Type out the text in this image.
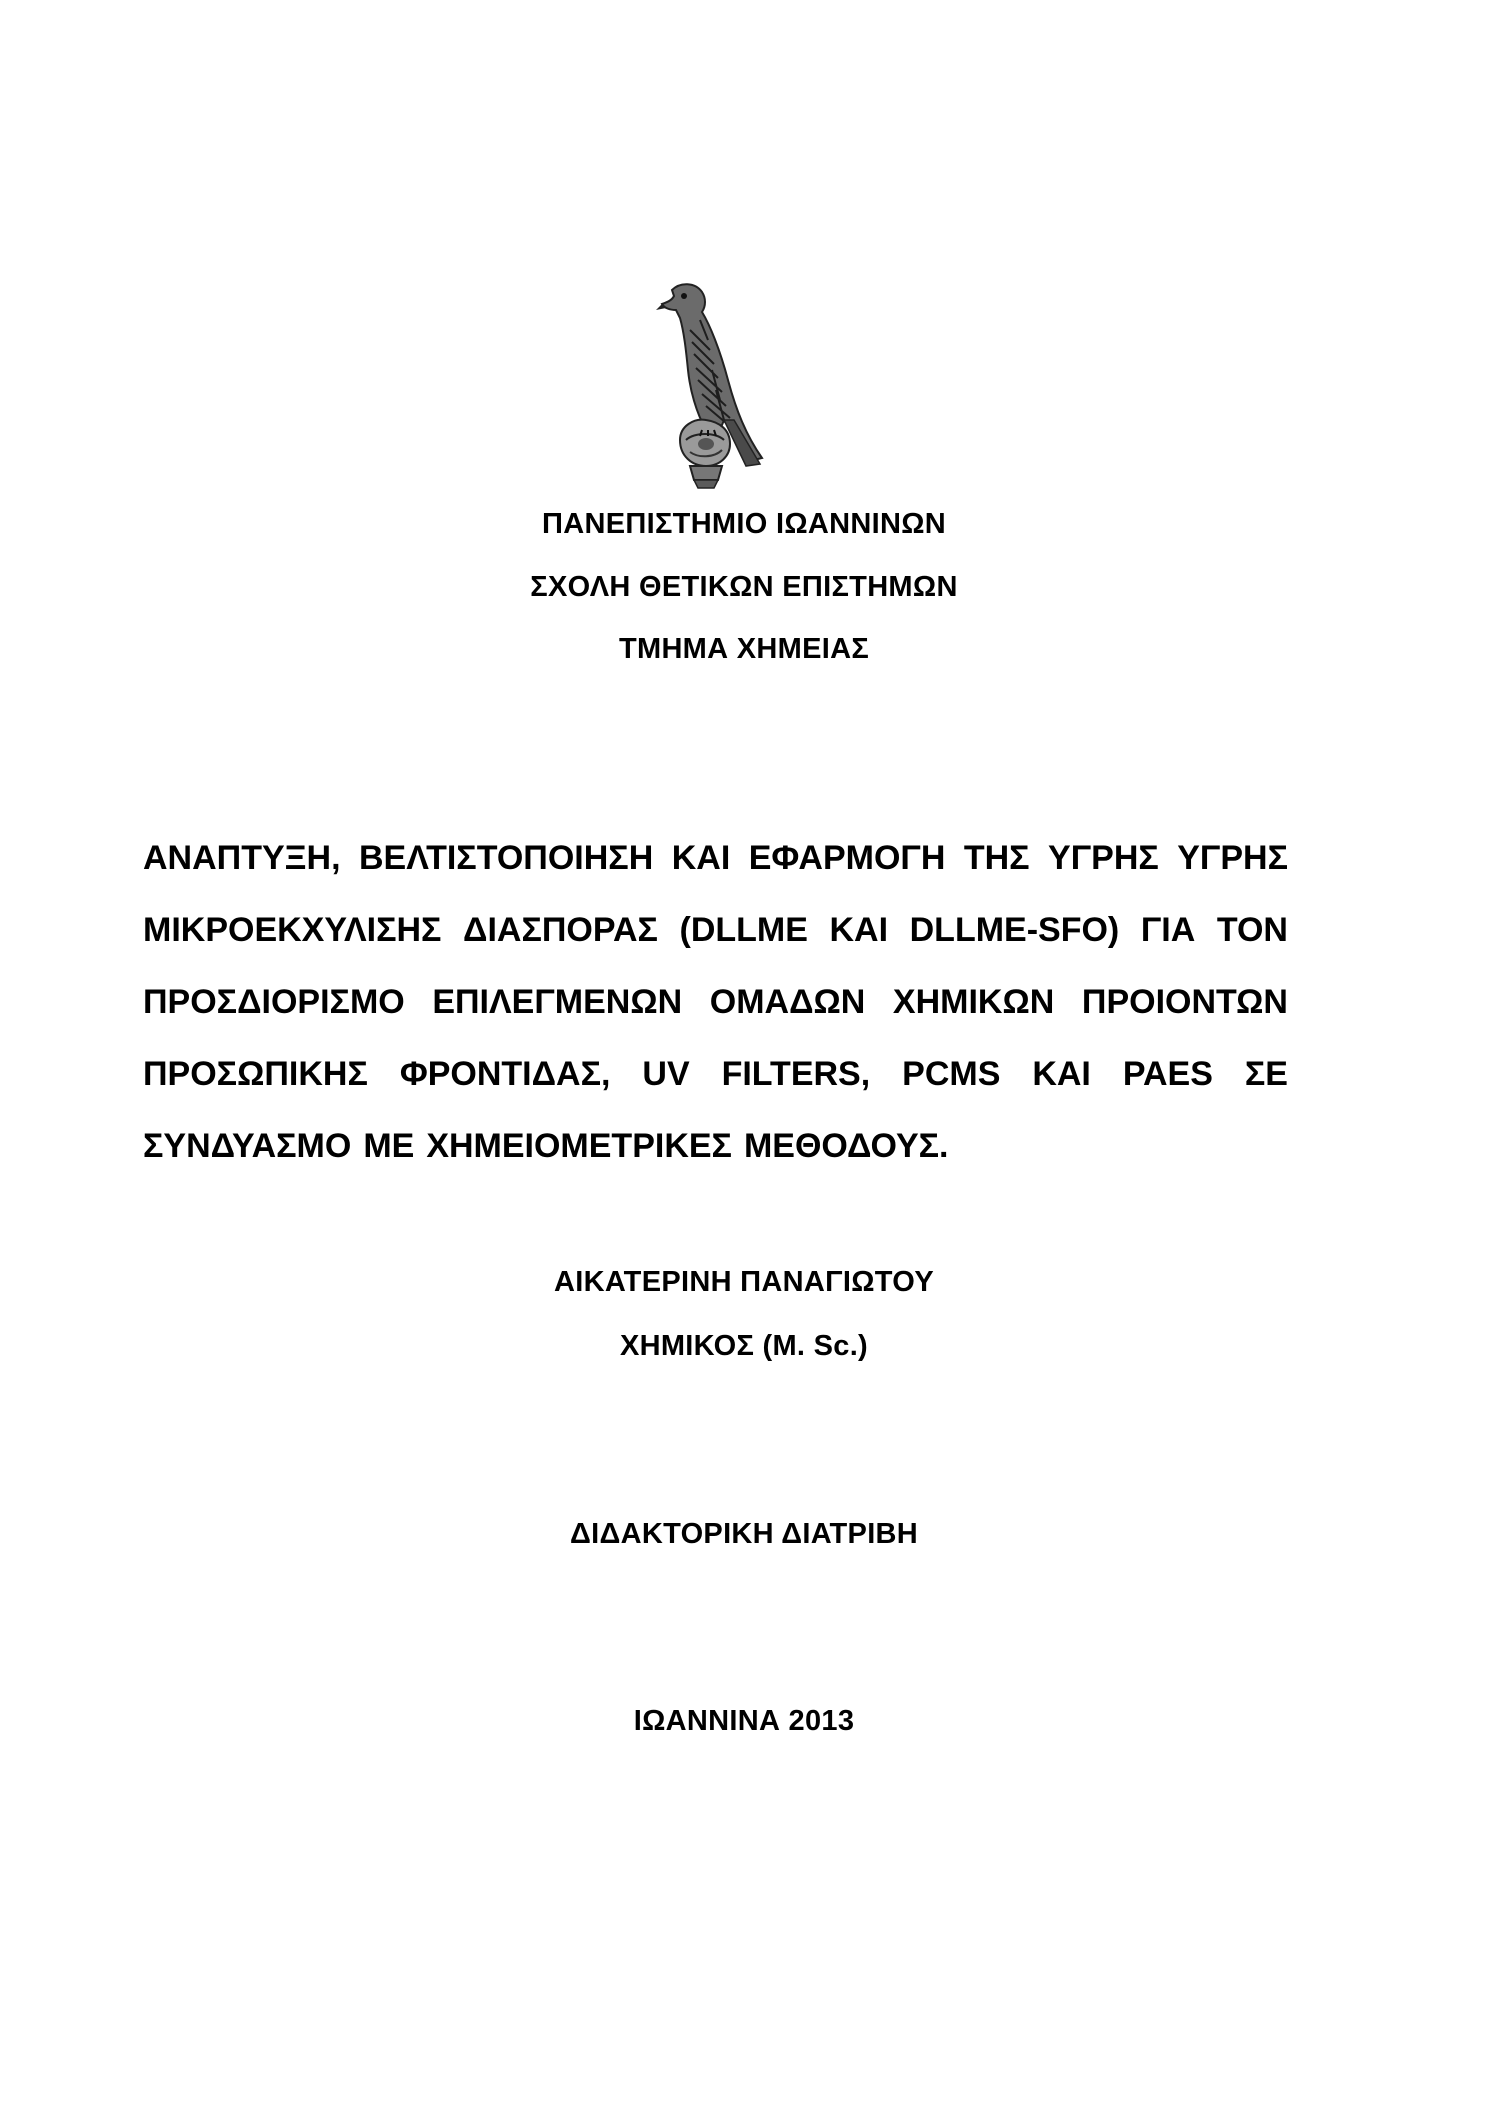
ΠΑΝΕΠΙΣΤΗΜΙΟ ΙΩΑΝΝΙΝΩΝ
ΣΧΟΛΗ ΘΕΤΙΚΩΝ ΕΠΙΣΤΗΜΩΝ
ΤΜΗΜΑ ΧΗΜΕΙΑΣ
ΑΝΑΠΤΥΞΗ, ΒΕΛΤΙΣΤΟΠΟΙΗΣΗ ΚΑΙ ΕΦΑΡΜΟΓΗ ΤΗΣ ΥΓΡΗΣ ΥΓΡΗΣ
ΜΙΚΡΟΕΚΧΥΛΙΣΗΣ ΔΙΑΣΠΟΡΑΣ (DLLME ΚΑΙ DLLME-SFO) ΓΙΑ ΤΟΝ
ΠΡΟΣΔΙΟΡΙΣΜΟ ΕΠΙΛΕΓΜΕΝΩΝ ΟΜΑΔΩΝ ΧΗΜΙΚΩΝ ΠΡΟΙΟΝΤΩΝ
ΠΡΟΣΩΠΙΚΗΣ ΦΡΟΝΤΙΔΑΣ, UV FILTERS, PCMS ΚΑΙ PAES ΣΕ
ΣΥΝΔΥΑΣΜΟ ΜΕ ΧΗΜΕΙΟΜΕΤΡΙΚΕΣ ΜΕΘΟΔΟΥΣ.
ΑΙΚΑΤΕΡΙΝΗ ΠΑΝΑΓΙΩΤΟΥ
ΧΗΜΙΚΟΣ (M. Sc.)
ΔΙΔΑΚΤΟΡΙΚΗ ΔΙΑΤΡΙΒΗ
ΙΩΑΝΝΙΝΑ 2013
